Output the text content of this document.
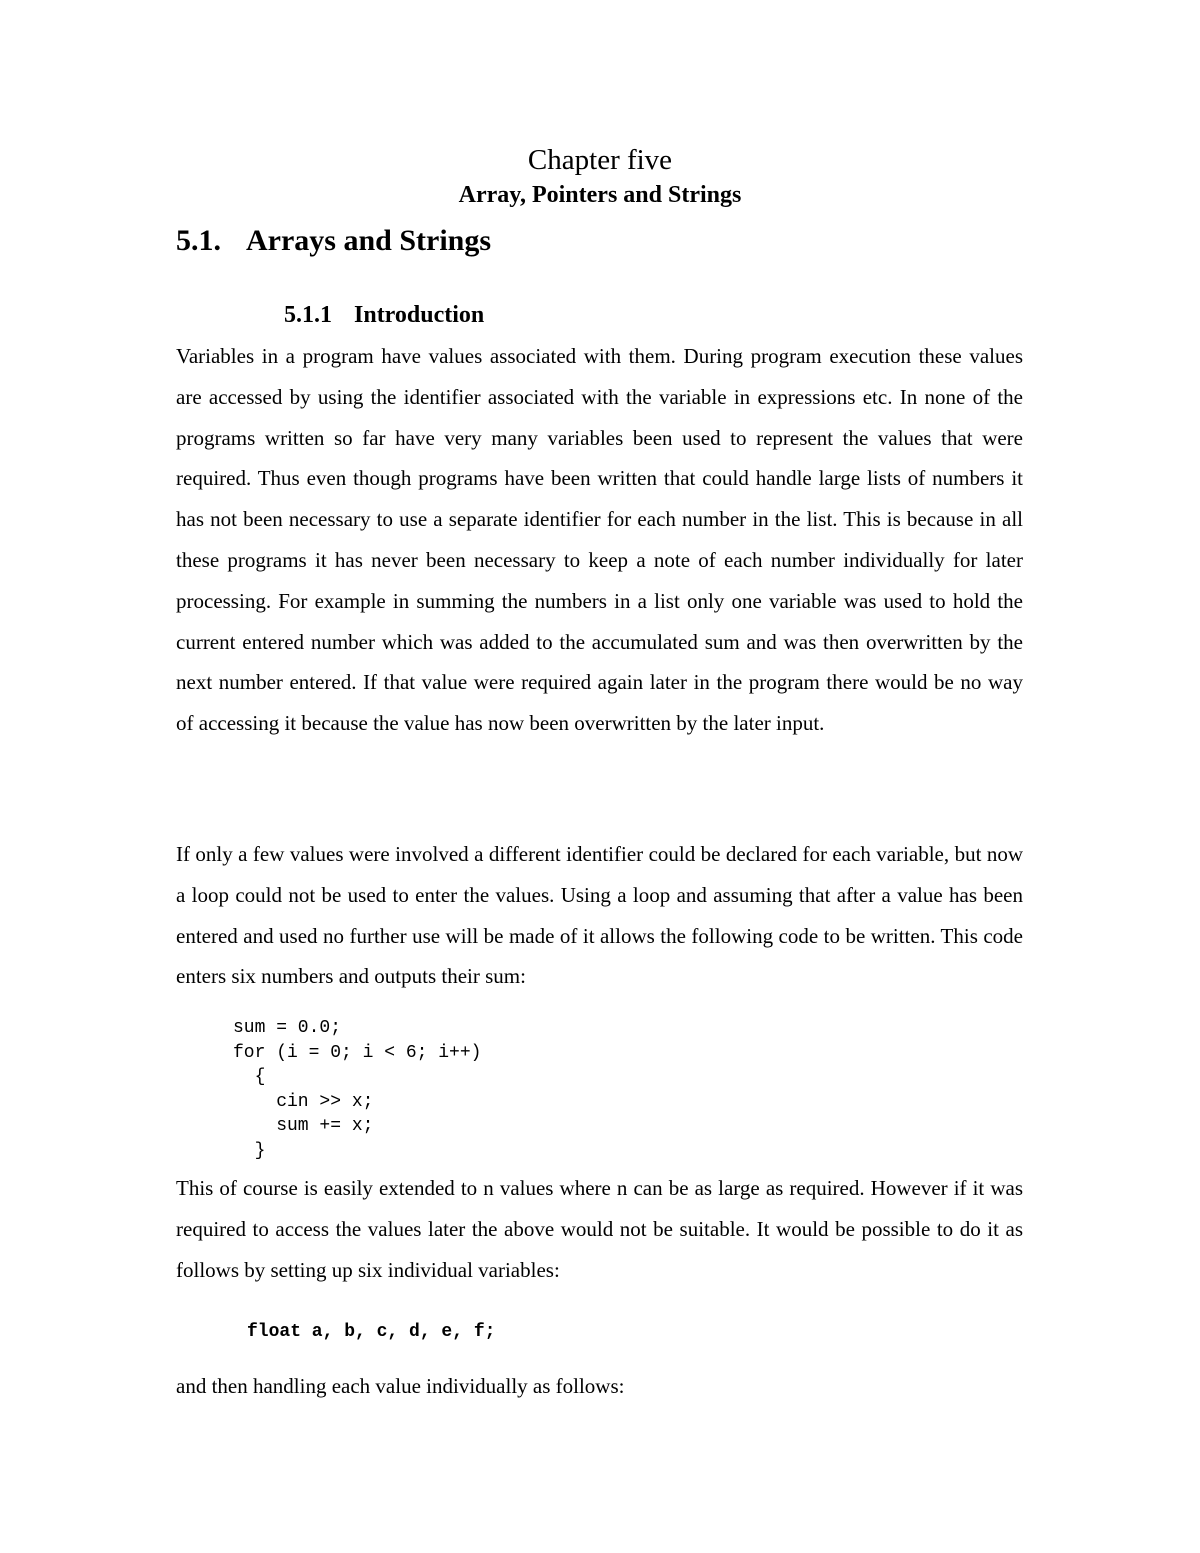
Chapter five
Array, Pointers and Strings
5.1. Arrays and Strings
5.1.1 Introduction

Variables in a program have values associated with them. During program execution these values are accessed by using the identifier associated with the variable in expressions etc. In none of the programs written so far have very many variables been used to represent the values that were required. Thus even though programs have been written that could handle large lists of numbers it has not been necessary to use a separate identifier for each number in the list. This is because in all these programs it has never been necessary to keep a note of each number individually for later processing. For example in summing the numbers in a list only one variable was used to hold the current entered number which was added to the accumulated sum and was then overwritten by the next number entered. If that value were required again later in the program there would be no way of accessing it because the value has now been overwritten by the later input.

If only a few values were involved a different identifier could be declared for each variable, but now a loop could not be used to enter the values. Using a loop and assuming that after a value has been entered and used no further use will be made of it allows the following code to be written. This code enters six numbers and outputs their sum:

sum = 0.0;
for (i = 0; i < 6; i++)
{
cin >> x;
sum += x;
}

This of course is easily extended to n values where n can be as large as required. However if it was required to access the values later the above would not be suitable. It would be possible to do it as follows by setting up six individual variables:

float a, b, c, d, e, f;

and then handling each value individually as follows:
